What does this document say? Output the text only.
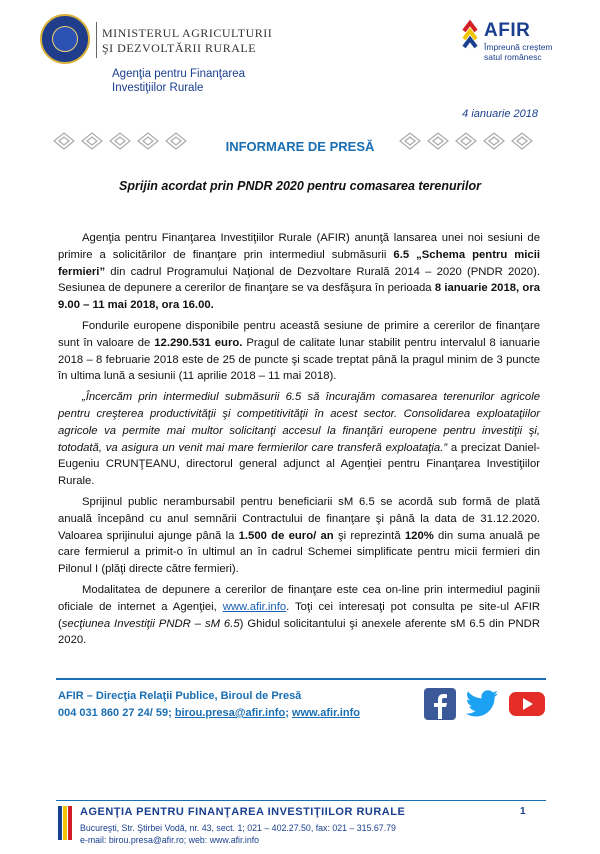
MINISTERUL AGRICULTURII
ŞI DEZVOLTĂRII RURALE
Agenţia pentru Finanţarea
Investiţiilor Rurale
AFIR
Împreună creştem
satul românesc
4 ianuarie 2018
INFORMARE DE PRESĂ
Sprijin acordat prin PNDR 2020 pentru comasarea terenurilor

Agenţia pentru Finanţarea Investiţiilor Rurale (AFIR) anunţă lansarea unei noi sesiuni de primire a solicitărilor de finanţare prin intermediul submăsurii 6.5 „Schema pentru micii fermieri” din cadrul Programului Naţional de Dezvoltare Rurală 2014 – 2020 (PNDR 2020). Sesiunea de depunere a cererilor de finanţare se va desfăşura în perioada 8 ianuarie 2018, ora 9.00 – 11 mai 2018, ora 16.00.

Fondurile europene disponibile pentru această sesiune de primire a cererilor de finanţare sunt în valoare de 12.290.531 euro. Pragul de calitate lunar stabilit pentru intervalul 8 ianuarie 2018 – 8 februarie 2018 este de 25 de puncte şi scade treptat până la pragul minim de 3 puncte în ultima lună a sesiunii (11 aprilie 2018 – 11 mai 2018).

„Încercăm prin intermediul submăsurii 6.5 să încurajăm comasarea terenurilor agricole pentru creşterea productivităţii şi competitivităţii în acest sector. Consolidarea exploataţiilor agricole va permite mai multor solicitanţi accesul la finanţări europene pentru investiţii şi, totodată, va asigura un venit mai mare fermierilor care transferă exploataţia.” a precizat Daniel-Eugeniu CRUNŢEANU, directorul general adjunct al Agenţiei pentru Finanţarea Investiţiilor Rurale.

Sprijinul public nerambursabil pentru beneficiarii sM 6.5 se acordă sub formă de plată anuală începând cu anul semnării Contractului de finanţare şi până la data de 31.12.2020. Valoarea sprijinului ajunge până la 1.500 de euro/ an şi reprezintă 120% din suma anuală pe care fermierul a primit-o în ultimul an în cadrul Schemei simplificate pentru micii fermieri din Pilonul I (plăţi directe către fermieri).

Modalitatea de depunere a cererilor de finanţare este cea on-line prin intermediul paginii oficiale de internet a Agenţiei, www.afir.info. Toţi cei interesaţi pot consulta pe site-ul AFIR (secţiunea Investiţii PNDR – sM 6.5) Ghidul solicitantului şi anexele aferente sM 6.5 din PNDR 2020.

AFIR – Direcţia Relaţii Publice, Biroul de Presă
004 031 860 27 24/ 59; birou.presa@afir.info; www.afir.info
AGENŢIA PENTRU FINANŢAREA INVESTIŢIILOR RURALE
Bucureşti, Str. Ştirbei Vodă, nr. 43, sect. 1; 021 – 402.27.50, fax: 021 – 315.67.79
e-mail: birou.presa@afir.ro; web: www.afir.info
1
